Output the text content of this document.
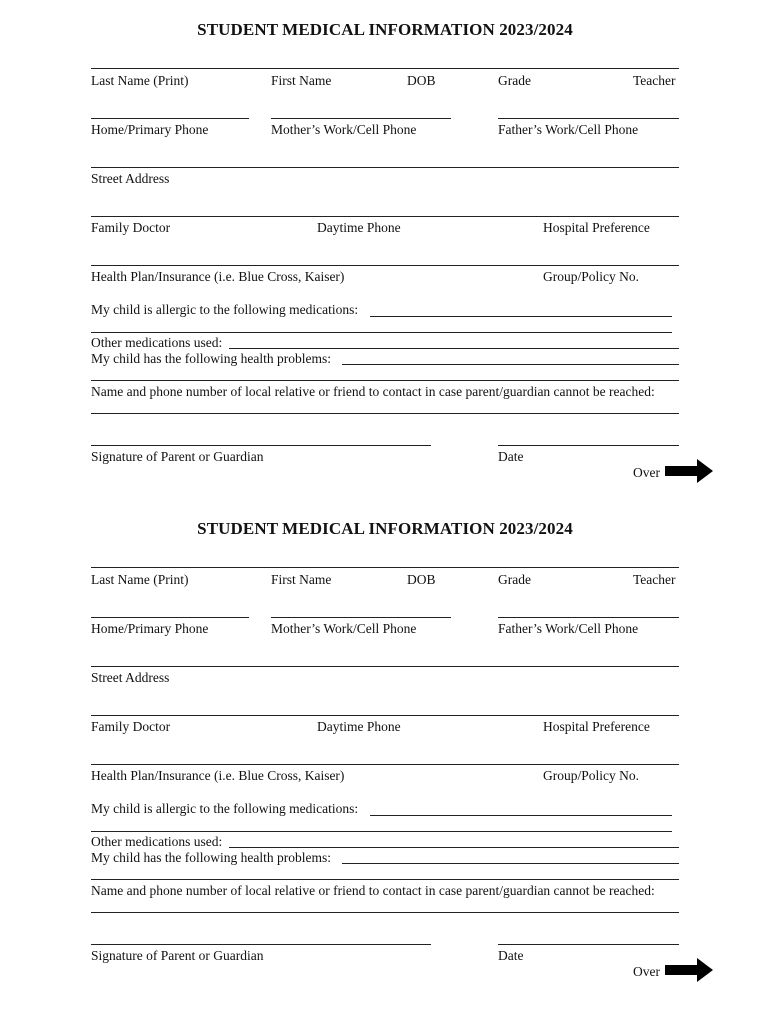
STUDENT MEDICAL INFORMATION 2023/2024
Last Name (Print)	First Name	DOB	Grade	Teacher
Home/Primary Phone	Mother’s Work/Cell Phone	Father’s Work/Cell Phone
Street Address
Family Doctor	Daytime Phone	Hospital Preference
Health Plan/Insurance (i.e. Blue Cross, Kaiser)	Group/Policy No.
My child is allergic to the following medications:
Other medications used:
My child has the following health problems:
Name and phone number of local relative or friend to contact in case parent/guardian cannot be reached:
Signature of Parent or Guardian	Date
Over
STUDENT MEDICAL INFORMATION 2023/2024
Last Name (Print)	First Name	DOB	Grade	Teacher
Home/Primary Phone	Mother’s Work/Cell Phone	Father’s Work/Cell Phone
Street Address
Family Doctor	Daytime Phone	Hospital Preference
Health Plan/Insurance (i.e. Blue Cross, Kaiser)	Group/Policy No.
My child is allergic to the following medications:
Other medications used:
My child has the following health problems:
Name and phone number of local relative or friend to contact in case parent/guardian cannot be reached:
Signature of Parent or Guardian	Date
Over
